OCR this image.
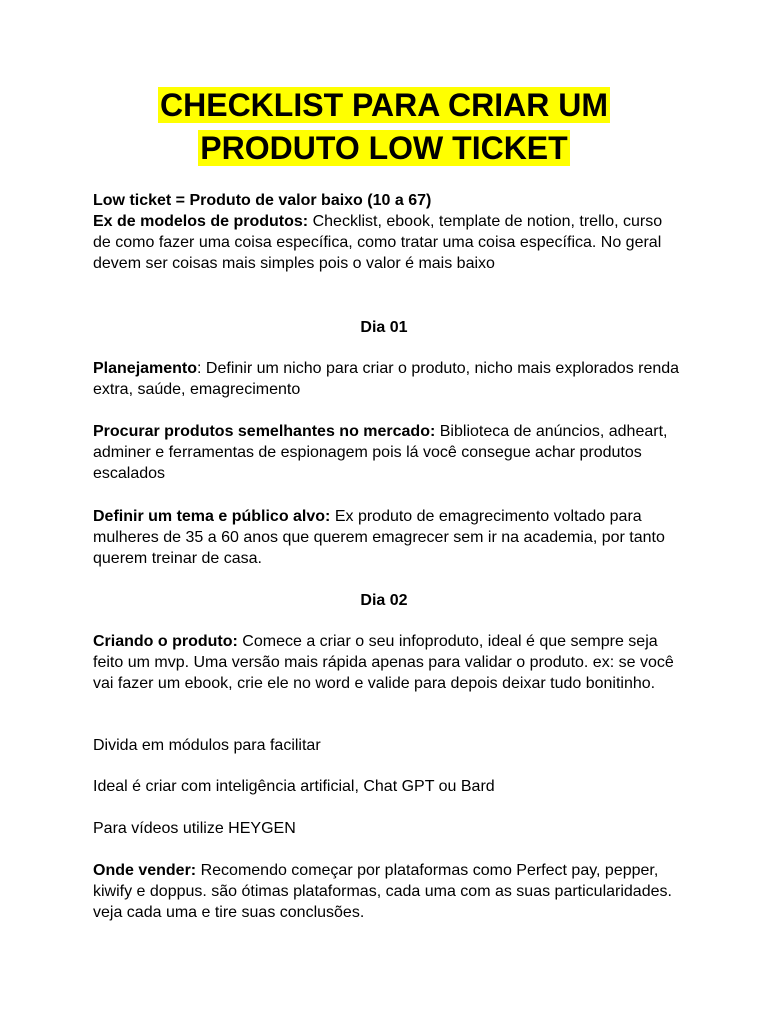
CHECKLIST PARA CRIAR UM
PRODUTO LOW TICKET

Low ticket = Produto de valor baixo (10 a 67)
Ex de modelos de produtos: Checklist, ebook, template de notion, trello, curso de como fazer uma coisa específica, como tratar uma coisa específica. No geral devem ser coisas mais simples pois o valor é mais baixo

Dia 01

Planejamento: Definir um nicho para criar o produto, nicho mais explorados renda extra, saúde, emagrecimento

Procurar produtos semelhantes no mercado: Biblioteca de anúncios, adheart, adminer e ferramentas de espionagem pois lá você consegue achar produtos escalados

Definir um tema e público alvo: Ex produto de emagrecimento voltado para mulheres de 35 a 60 anos que querem emagrecer sem ir na academia, por tanto querem treinar de casa.

Dia 02

Criando o produto: Comece a criar o seu infoproduto, ideal é que sempre seja feito um mvp. Uma versão mais rápida apenas para validar o produto. ex: se você vai fazer um ebook, crie ele no word e valide para depois deixar tudo bonitinho.

Divida em módulos para facilitar

Ideal é criar com inteligência artificial, Chat GPT ou Bard

Para vídeos utilize HEYGEN

Onde vender: Recomendo começar por plataformas como Perfect pay, pepper, kiwify e doppus. são ótimas plataformas, cada uma com as suas particularidades. veja cada uma e tire suas conclusões.
